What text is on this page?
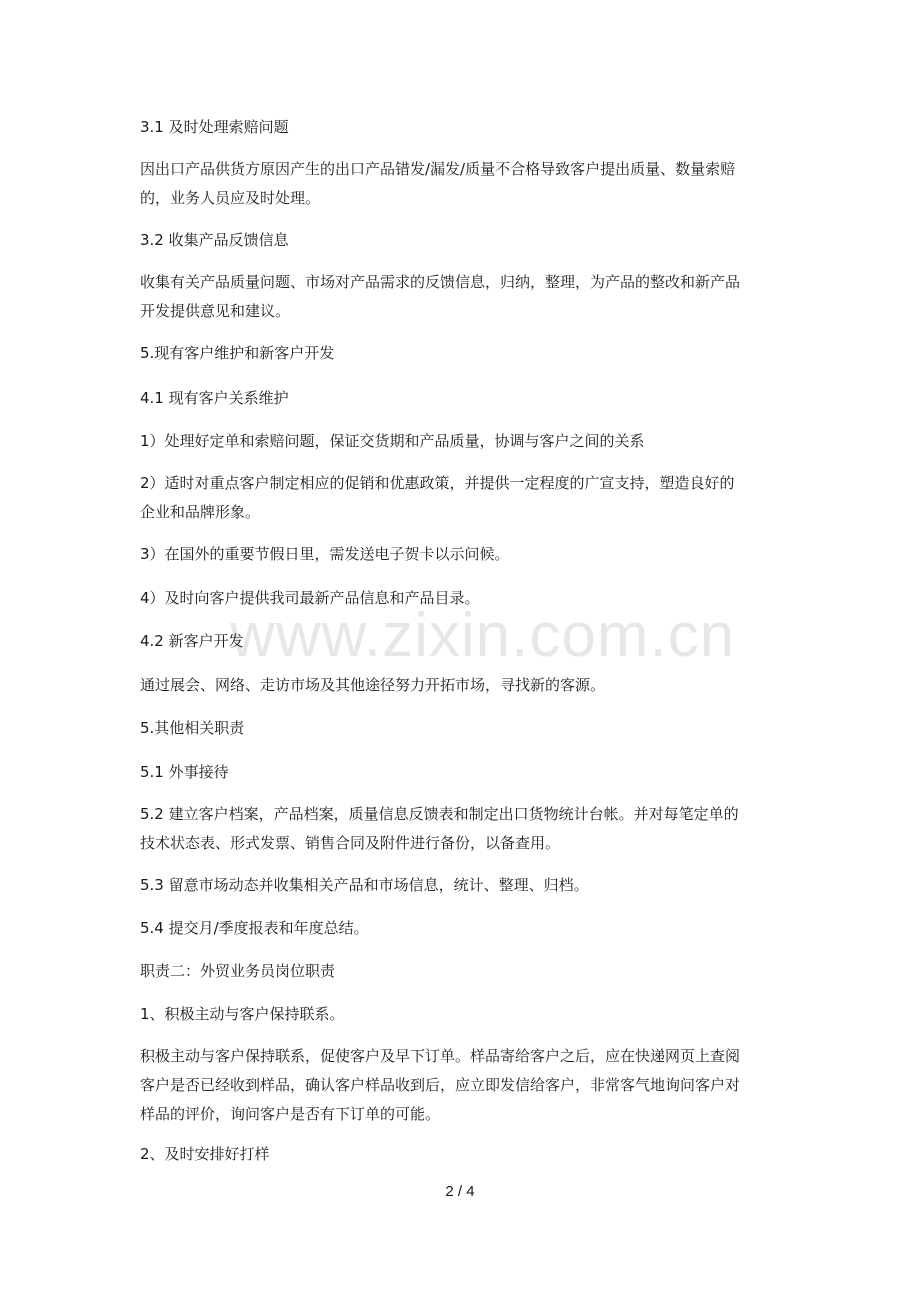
www.zixin.com.cn
3.1 及时处理索赔问题
因出口产品供货方原因产生的出口产品错发/漏发/质量不合格导致客户提出质量、数量索赔
的，业务人员应及时处理。
3.2 收集产品反馈信息
收集有关产品质量问题、市场对产品需求的反馈信息，归纳，整理，为产品的整改和新产品
开发提供意见和建议。
5.现有客户维护和新客户开发
4.1 现有客户关系维护
1）处理好定单和索赔问题，保证交货期和产品质量，协调与客户之间的关系
2）适时对重点客户制定相应的促销和优惠政策，并提供一定程度的广宣支持，塑造良好的
企业和品牌形象。
3）在国外的重要节假日里，需发送电子贺卡以示问候。
4）及时向客户提供我司最新产品信息和产品目录。
4.2 新客户开发
通过展会、网络、走访市场及其他途径努力开拓市场，寻找新的客源。
5.其他相关职责
5.1 外事接待
5.2 建立客户档案，产品档案，质量信息反馈表和制定出口货物统计台帐。并对每笔定单的
技术状态表、形式发票、销售合同及附件进行备份，以备查用。
5.3 留意市场动态并收集相关产品和市场信息，统计、整理、归档。
5.4 提交月/季度报表和年度总结。
职责二：外贸业务员岗位职责
1、积极主动与客户保持联系。
积极主动与客户保持联系，促使客户及早下订单。样品寄给客户之后，应在快递网页上查阅
客户是否已经收到样品，确认客户样品收到后，应立即发信给客户，非常客气地询问客户对
样品的评价，询问客户是否有下订单的可能。
2、及时安排好打样
2 / 4
